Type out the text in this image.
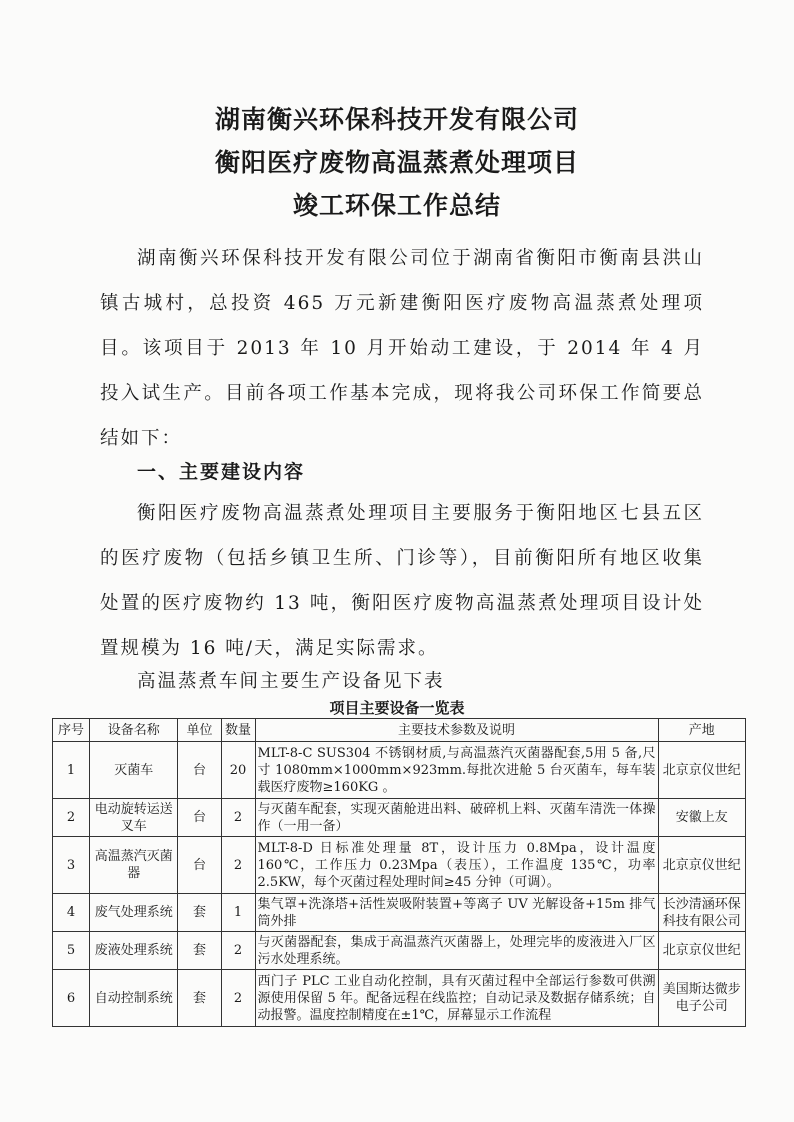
湖南衡兴环保科技开发有限公司
衡阳医疗废物高温蒸煮处理项目
竣工环保工作总结
湖南衡兴环保科技开发有限公司位于湖南省衡阳市衡南县洪山镇古城村，总投资 465 万元新建衡阳医疗废物高温蒸煮处理项目。该项目于 2013 年 10 月开始动工建设，于 2014 年 4 月投入试生产。目前各项工作基本完成，现将我公司环保工作简要总结如下：
一、主要建设内容
衡阳医疗废物高温蒸煮处理项目主要服务于衡阳地区七县五区的医疗废物（包括乡镇卫生所、门诊等），目前衡阳所有地区收集处置的医疗废物约 13 吨，衡阳医疗废物高温蒸煮处理项目设计处置规模为 16 吨/天，满足实际需求。
高温蒸煮车间主要生产设备见下表
项目主要设备一览表
序号	设备名称	单位	数量	主要技术参数及说明	产地
1	灭菌车	台	20	MLT-8-C SUS304 不锈钢材质,与高温蒸汽灭菌器配套,5用 5 备,尺寸 1080mm×1000mm×923mm.每批次进舱 5 台灭菌车，每车装载医疗废物≥160KG 。	北京京仪世纪
2	电动旋转运送叉车	台	2	与灭菌车配套，实现灭菌舱进出料、破碎机上料、灭菌车清洗一体操作（一用一备）	安徽上友
3	高温蒸汽灭菌器	台	2	MLT-8-D 日标准处理量 8T，设计压力 0.8Mpa，设计温度 160℃，工作压力 0.23Mpa（表压），工作温度 135℃，功率 2.5KW，每个灭菌过程处理时间≥45 分钟（可调）。	北京京仪世纪
4	废气处理系统	套	1	集气罩+洗涤塔+活性炭吸附装置+等离子 UV 光解设备+15m 排气筒外排	长沙清涵环保科技有限公司
5	废液处理系统	套	2	与灭菌器配套，集成于高温蒸汽灭菌器上，处理完毕的废液进入厂区污水处理系统。	北京京仪世纪
6	自动控制系统	套	2	西门子 PLC 工业自动化控制，具有灭菌过程中全部运行参数可供溯源使用保留 5 年。配备远程在线监控；自动记录及数据存储系统；自动报警。温度控制精度在±1℃，屏幕显示工作流程	美国斯达微步电子公司
